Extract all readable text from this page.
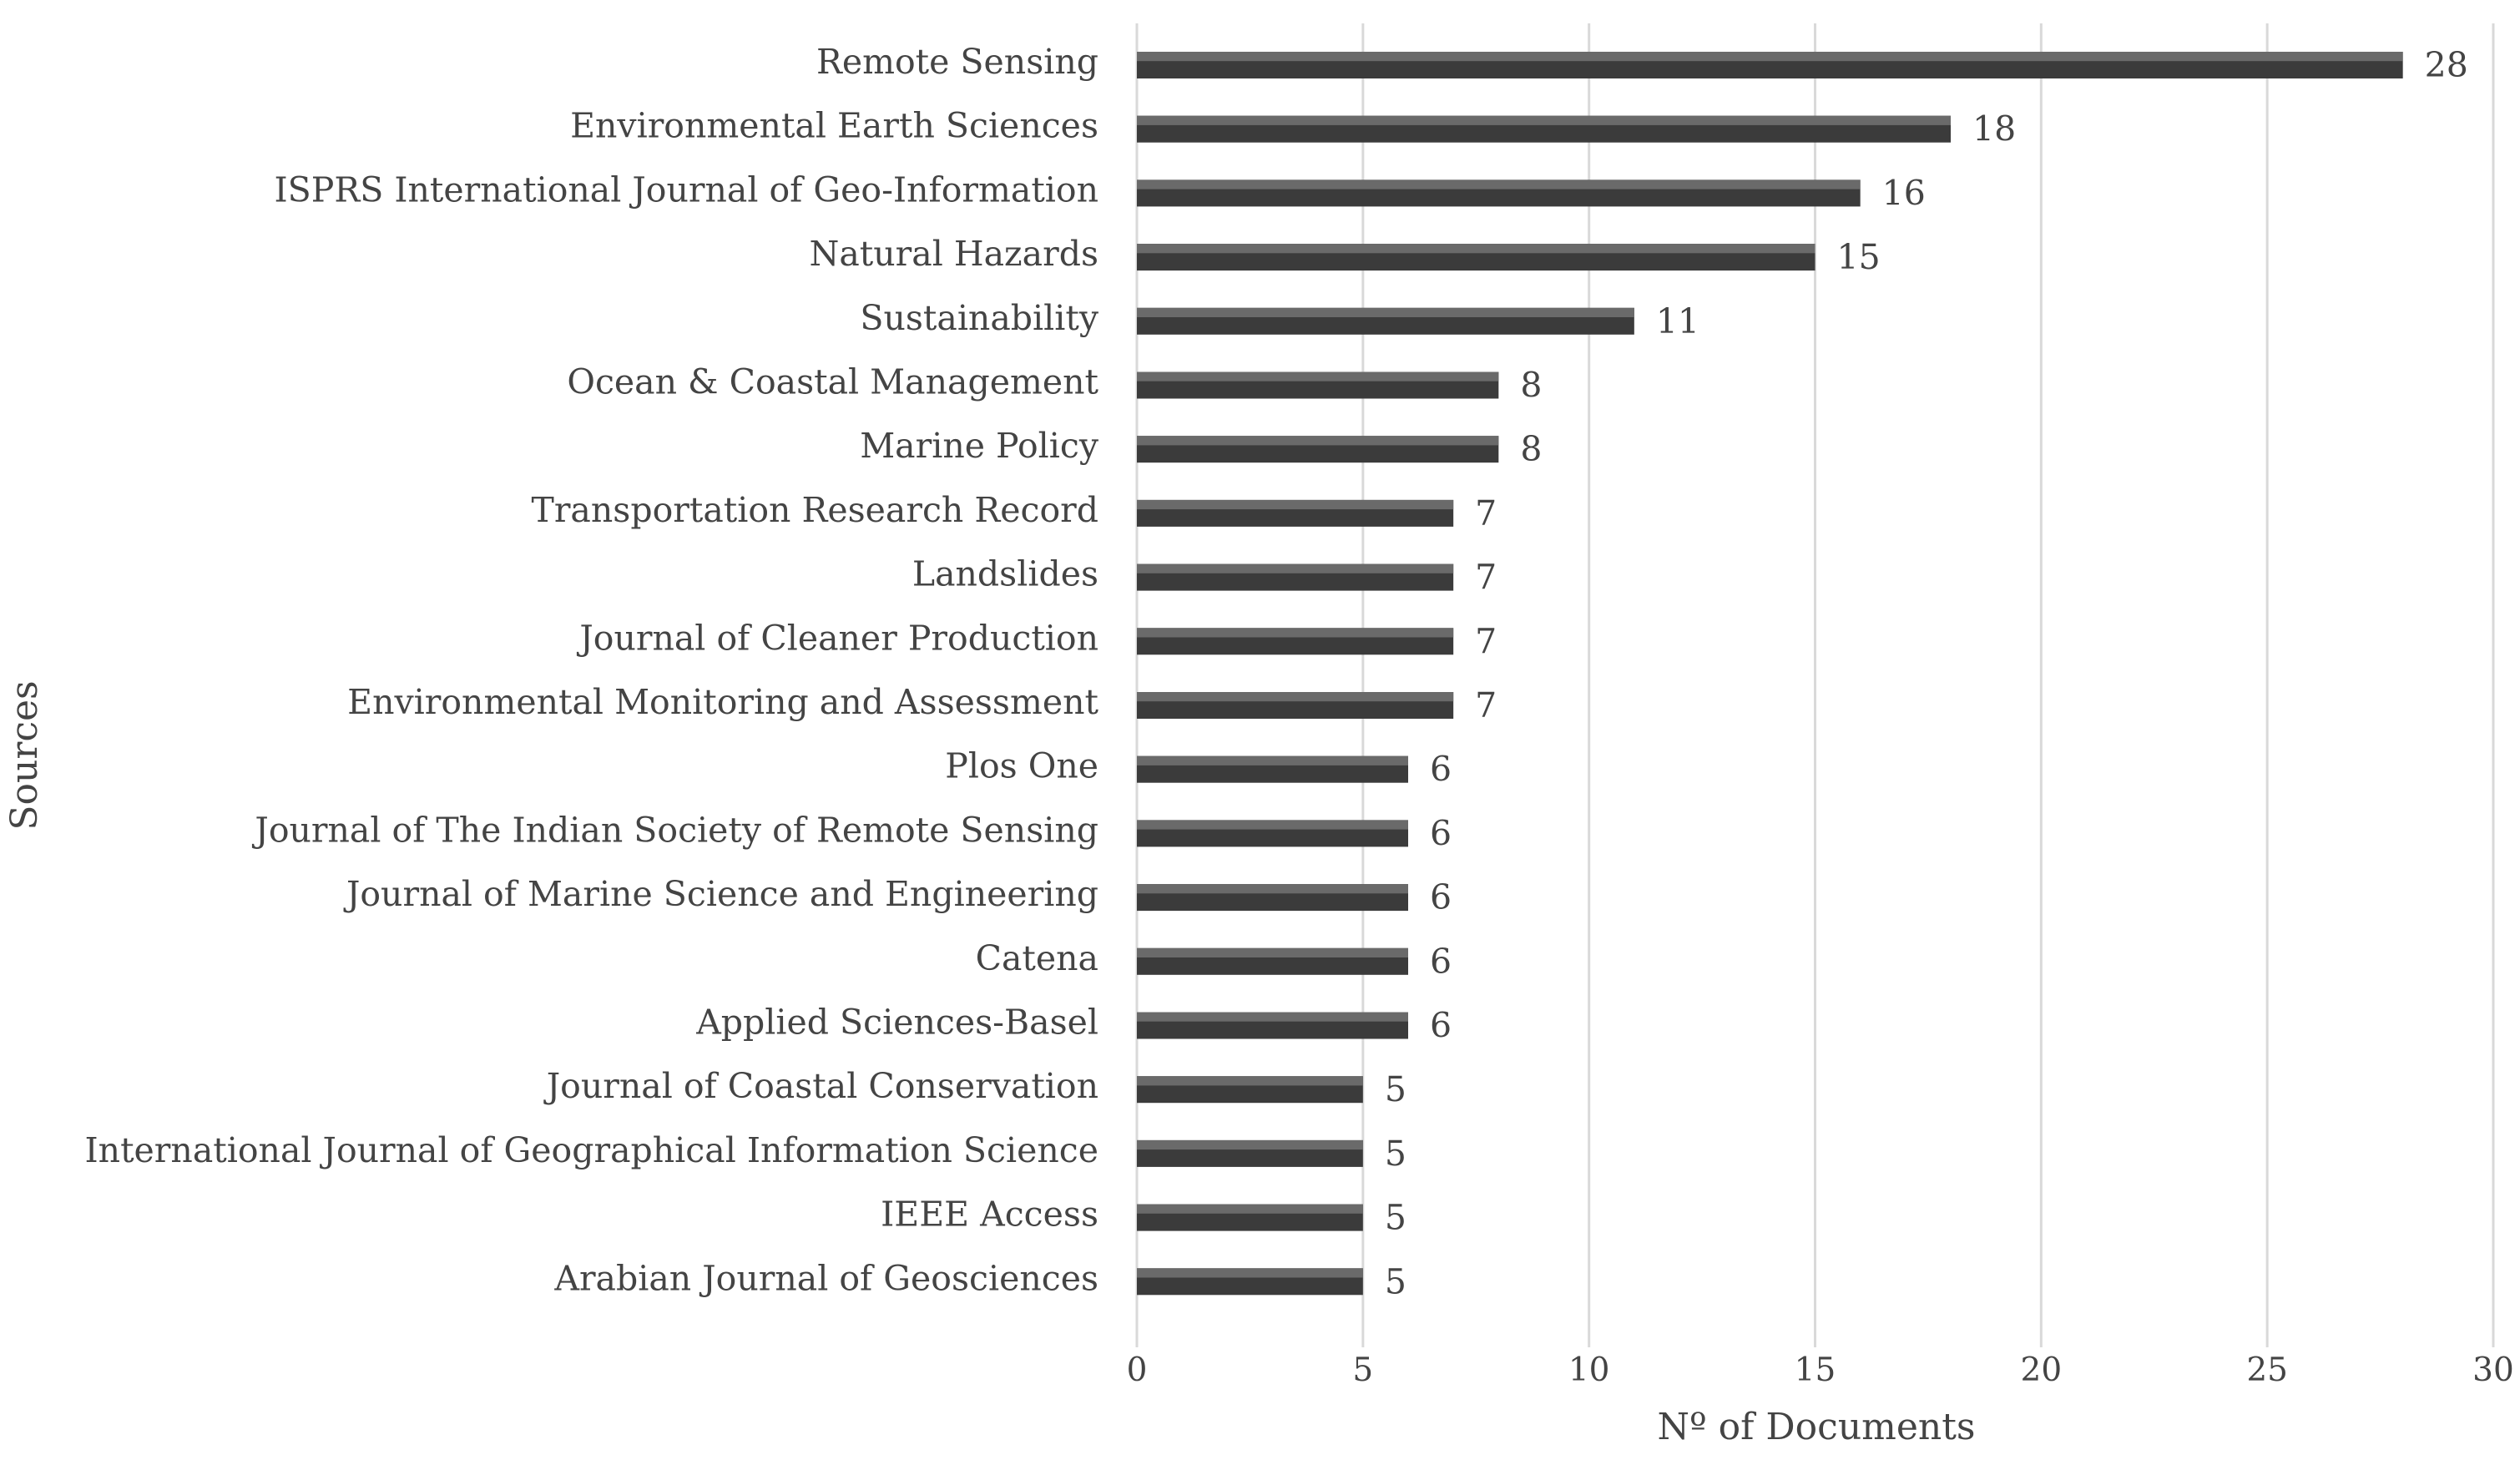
Remote Sensing	28
Environmental Earth Sciences	18
ISPRS International Journal of Geo-Information	16
Natural Hazards	15
Sustainability	11
Ocean & Coastal Management	8
Marine Policy	8
Transportation Research Record	7
Landslides	7
Journal of Cleaner Production	7
Environmental Monitoring and Assessment	7
Plos One	6
Journal of The Indian Society of Remote Sensing	6
Journal of Marine Science and Engineering	6
Catena	6
Applied Sciences-Basel	6
Journal of Coastal Conservation	5
International Journal of Geographical Information Science	5
IEEE Access	5
Arabian Journal of Geosciences	5
0	5	10	15	20	25	30
Nº of Documents
Sources
